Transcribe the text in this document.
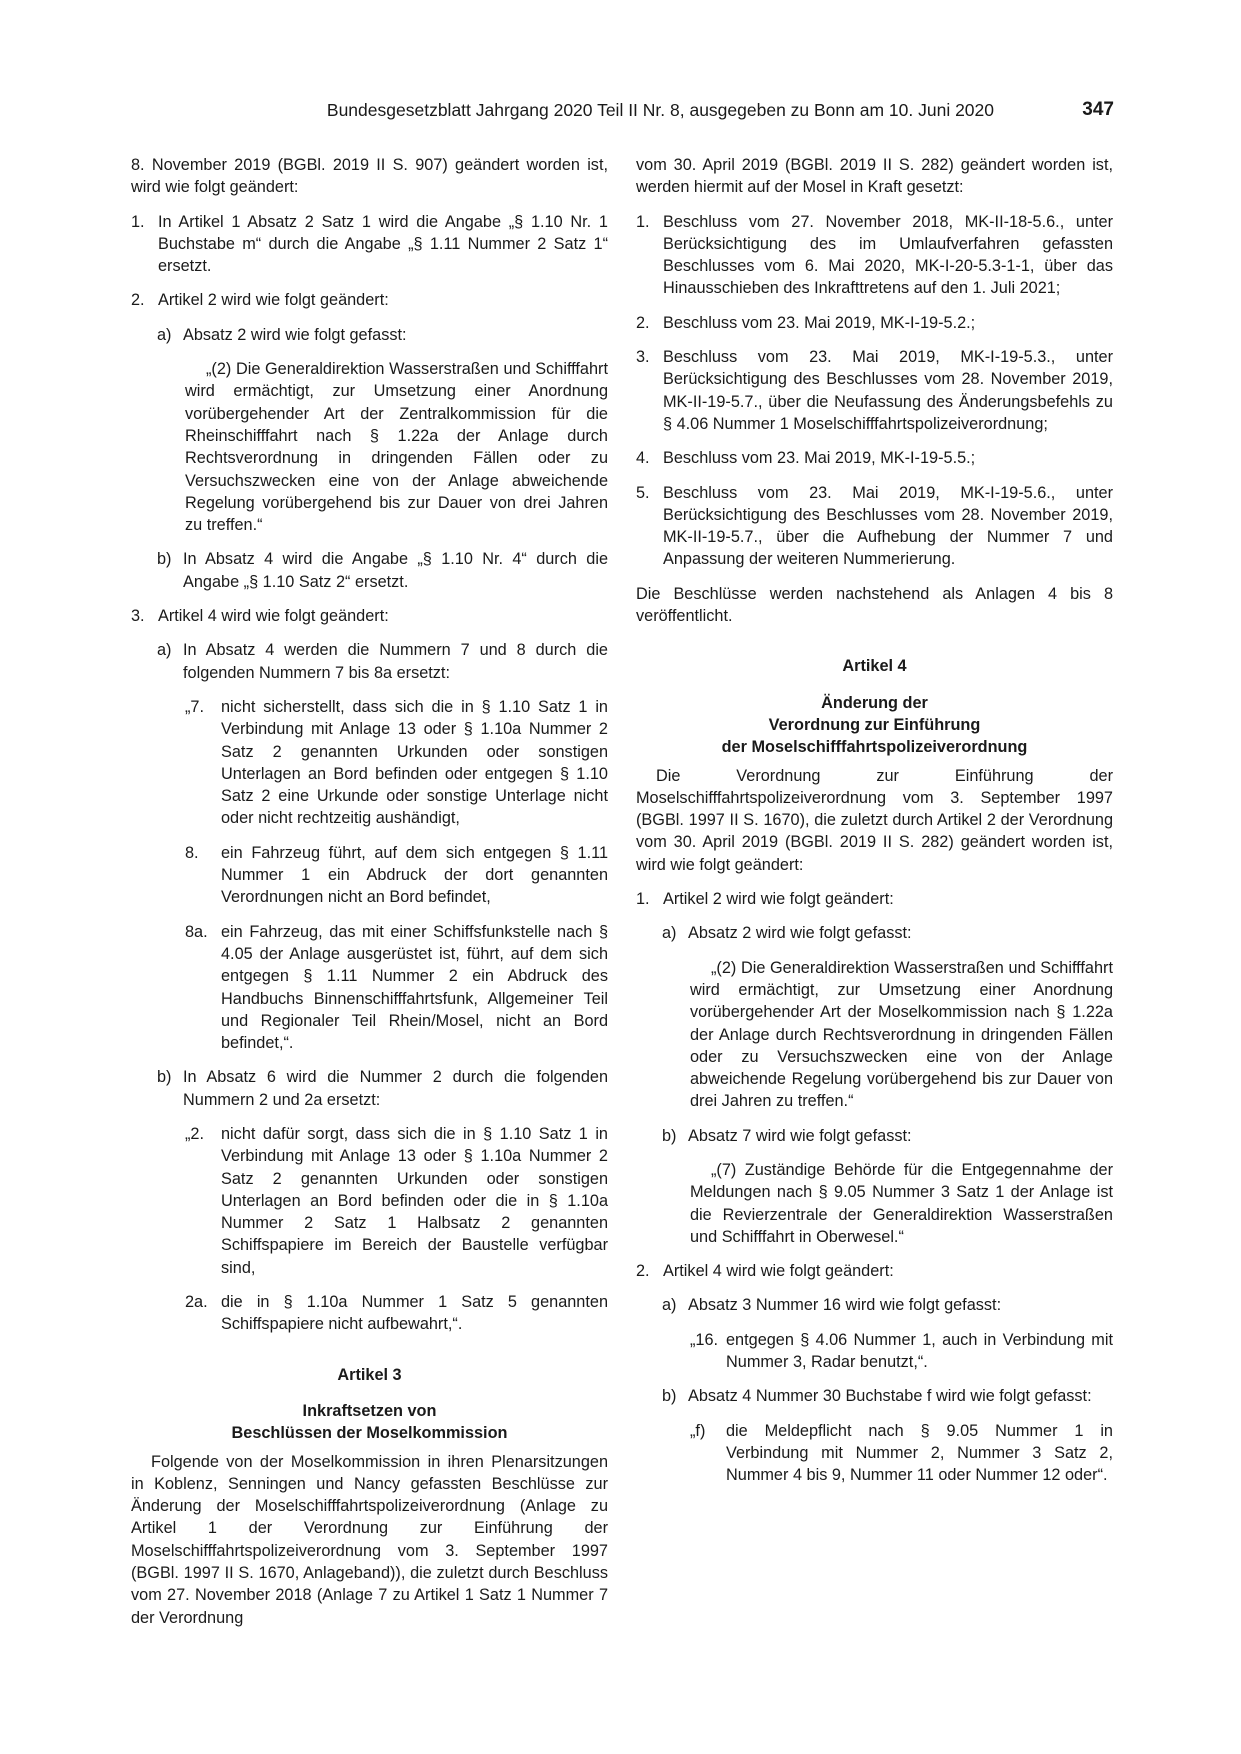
Bundesgesetzblatt Jahrgang 2020 Teil II Nr. 8, ausgegeben zu Bonn am 10. Juni 2020	347

8. November 2019 (BGBl. 2019 II S. 907) geändert worden ist, wird wie folgt geändert:

1. In Artikel 1 Absatz 2 Satz 1 wird die Angabe „§ 1.10 Nr. 1 Buchstabe m“ durch die Angabe „§ 1.11 Nummer 2 Satz 1“ ersetzt.
2. Artikel 2 wird wie folgt geändert:
a) Absatz 2 wird wie folgt gefasst:

„(2) Die Generaldirektion Wasserstraßen und Schifffahrt wird ermächtigt, zur Umsetzung einer Anordnung vorübergehender Art der Zentralkommission für die Rheinschifffahrt nach § 1.22a der Anlage durch Rechtsverordnung in dringenden Fällen oder zu Versuchszwecken eine von der Anlage abweichende Regelung vorübergehend bis zur Dauer von drei Jahren zu treffen.“

b) In Absatz 4 wird die Angabe „§ 1.10 Nr. 4“ durch die Angabe „§ 1.10 Satz 2“ ersetzt.
3. Artikel 4 wird wie folgt geändert:
a) In Absatz 4 werden die Nummern 7 und 8 durch die folgenden Nummern 7 bis 8a ersetzt:
„7.	nicht sicherstellt, dass sich die in § 1.10 Satz 1 in Verbindung mit Anlage 13 oder § 1.10a Nummer 2 Satz 2 genannten Urkunden oder sonstigen Unterlagen an Bord befinden oder entgegen § 1.10 Satz 2 eine Urkunde oder sonstige Unterlage nicht oder nicht rechtzeitig aushändigt,
8.	ein Fahrzeug führt, auf dem sich entgegen § 1.11 Nummer 1 ein Abdruck der dort genannten Verordnungen nicht an Bord befindet,
8a. ein Fahrzeug, das mit einer Schiffsfunkstelle nach § 4.05 der Anlage ausgerüstet ist, führt, auf dem sich entgegen § 1.11 Nummer 2 ein Abdruck des Handbuchs Binnenschifffahrtsfunk, Allgemeiner Teil und Regionaler Teil Rhein/Mosel, nicht an Bord befindet,“.
b) In Absatz 6 wird die Nummer 2 durch die folgenden Nummern 2 und 2a ersetzt:
„2.	nicht dafür sorgt, dass sich die in § 1.10 Satz 1 in Verbindung mit Anlage 13 oder § 1.10a Nummer 2 Satz 2 genannten Urkunden oder sonstigen Unterlagen an Bord befinden oder die in § 1.10a Nummer 2 Satz 1 Halbsatz 2 genannten Schiffspapiere im Bereich der Baustelle verfügbar sind,
2a. die in § 1.10a Nummer 1 Satz 5 genannten Schiffspapiere nicht aufbewahrt,“.
Artikel 3
Inkraftsetzen von
Beschlüssen der Moselkommission

Folgende von der Moselkommission in ihren Plenarsitzungen in Koblenz, Senningen und Nancy gefassten Beschlüsse zur Änderung der Moselschifffahrtspolizeiverordnung (Anlage zu Artikel 1 der Verordnung zur Einführung der Moselschifffahrtspolizeiverordnung vom 3. September 1997 (BGBl. 1997 II S. 1670, Anlageband)), die zuletzt durch Beschluss vom 27. November 2018 (Anlage 7 zu Artikel 1 Satz 1 Nummer 7 der Verordnung

vom 30. April 2019 (BGBl. 2019 II S. 282) geändert worden ist, werden hiermit auf der Mosel in Kraft gesetzt:

1. Beschluss vom 27. November 2018, MK-II-18-5.6., unter Berücksichtigung des im Umlaufverfahren gefassten Beschlusses vom 6. Mai 2020, MK-I-20-5.3-1-1, über das Hinausschieben des Inkrafttretens auf den 1. Juli 2021;
2. Beschluss vom 23. Mai 2019, MK-I-19-5.2.;
3. Beschluss vom 23. Mai 2019, MK-I-19-5.3., unter Berücksichtigung des Beschlusses vom 28. November 2019, MK-II-19-5.7., über die Neufassung des Änderungsbefehls zu § 4.06 Nummer 1 Moselschifffahrtspolizeiverordnung;
4. Beschluss vom 23. Mai 2019, MK-I-19-5.5.;
5. Beschluss vom 23. Mai 2019, MK-I-19-5.6., unter Berücksichtigung des Beschlusses vom 28. November 2019, MK-II-19-5.7., über die Aufhebung der Nummer 7 und Anpassung der weiteren Nummerierung.

Die Beschlüsse werden nachstehend als Anlagen 4 bis 8 veröffentlicht.

Artikel 4
Änderung der
Verordnung zur Einführung
der Moselschifffahrtspolizeiverordnung

Die Verordnung zur Einführung der Moselschifffahrtspolizeiverordnung vom 3. September 1997 (BGBl. 1997 II S. 1670), die zuletzt durch Artikel 2 der Verordnung vom 30. April 2019 (BGBl. 2019 II S. 282) geändert worden ist, wird wie folgt geändert:

1. Artikel 2 wird wie folgt geändert:
a) Absatz 2 wird wie folgt gefasst:

„(2) Die Generaldirektion Wasserstraßen und Schifffahrt wird ermächtigt, zur Umsetzung einer Anordnung vorübergehender Art der Moselkommission nach § 1.22a der Anlage durch Rechtsverordnung in dringenden Fällen oder zu Versuchszwecken eine von der Anlage abweichende Regelung vorübergehend bis zur Dauer von drei Jahren zu treffen.“

b) Absatz 7 wird wie folgt gefasst:

„(7) Zuständige Behörde für die Entgegennahme der Meldungen nach § 9.05 Nummer 3 Satz 1 der Anlage ist die Revierzentrale der Generaldirektion Wasserstraßen und Schifffahrt in Oberwesel.“

2. Artikel 4 wird wie folgt geändert:
a) Absatz 3 Nummer 16 wird wie folgt gefasst:
„16. entgegen § 4.06 Nummer 1, auch in Verbindung mit Nummer 3, Radar benutzt,“.
b) Absatz 4 Nummer 30 Buchstabe f wird wie folgt gefasst:
„f)	die Meldepflicht nach § 9.05 Nummer 1 in Verbindung mit Nummer 2, Nummer 3 Satz 2, Nummer 4 bis 9, Nummer 11 oder Nummer 12 oder“.
